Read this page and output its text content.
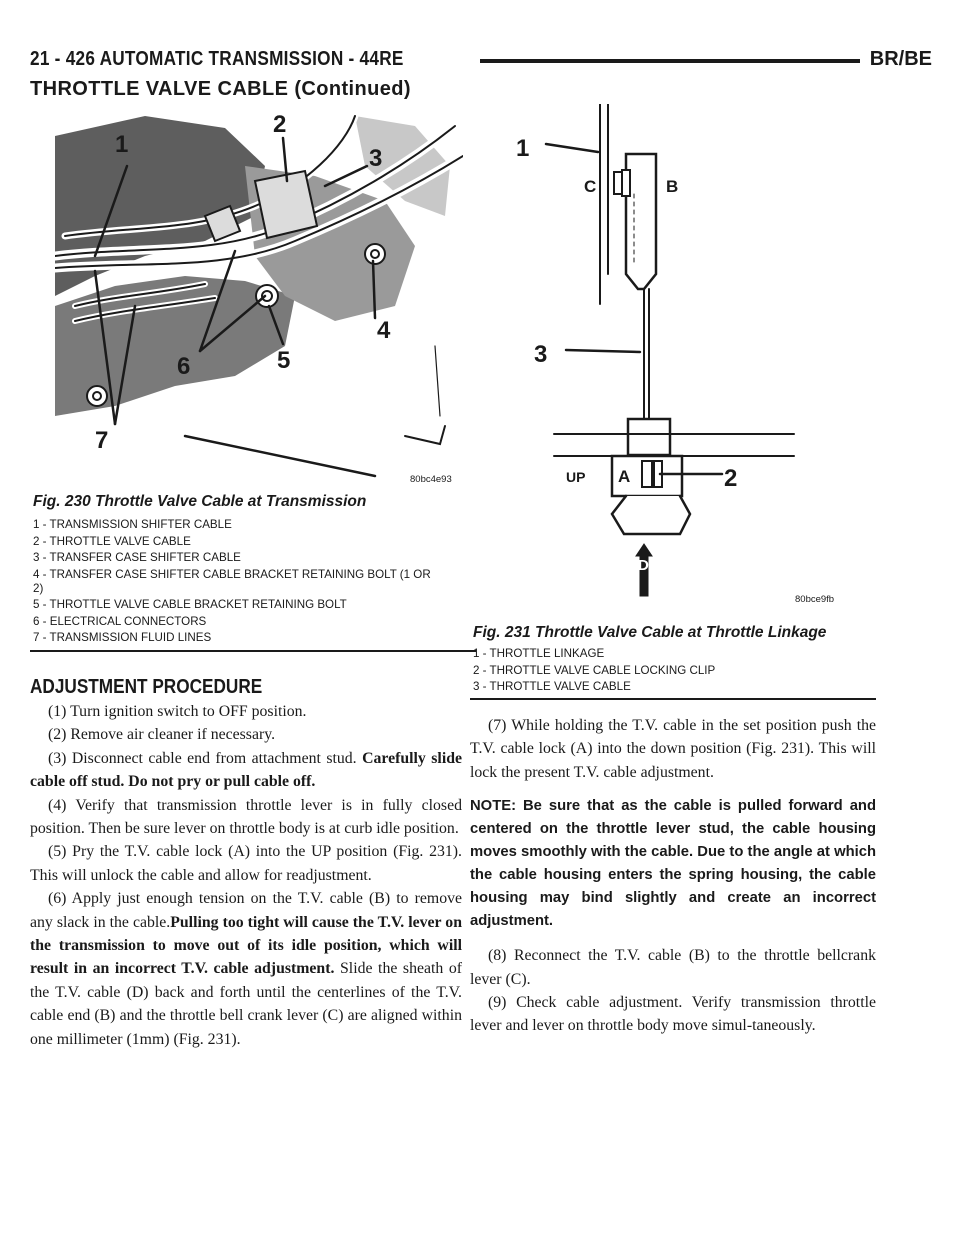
21 - 426 AUTOMATIC TRANSMISSION - 44RE	BR/BE
THROTTLE VALVE CABLE (Continued)
1
2
3
4
5
6
7
80bc4e93
Fig. 230 Throttle Valve Cable at Transmission
1 - TRANSMISSION SHIFTER CABLE
2 - THROTTLE VALVE CABLE
3 - TRANSFER CASE SHIFTER CABLE
4 - TRANSFER CASE SHIFTER CABLE BRACKET RETAINING BOLT (1 OR 2)
5 - THROTTLE VALVE CABLE BRACKET RETAINING BOLT
6 - ELECTRICAL CONNECTORS
7 - TRANSMISSION FLUID LINES
1
2
3
C	B
A
UP
D
80bce9fb
Fig. 231 Throttle Valve Cable at Throttle Linkage
1 - THROTTLE LINKAGE
2 - THROTTLE VALVE CABLE LOCKING CLIP
3 - THROTTLE VALVE CABLE
ADJUSTMENT PROCEDURE

(1) Turn ignition switch to OFF position.

(2) Remove air cleaner if necessary.

(3) Disconnect cable end from attachment stud. Carefully slide cable off stud. Do not pry or pull cable off.

(4) Verify that transmission throttle lever is in fully closed position. Then be sure lever on throttle body is at curb idle position.

(5) Pry the T.V. cable lock (A) into the UP position (Fig. 231). This will unlock the cable and allow for readjustment.

(6) Apply just enough tension on the T.V. cable (B) to remove any slack in the cable.Pulling too tight will cause the T.V. lever on the transmission to move out of its idle position, which will result in an incorrect T.V. cable adjustment. Slide the sheath of the T.V. cable (D) back and forth until the centerlines of the T.V. cable end (B) and the throttle bell crank lever (C) are aligned within one millimeter (1mm) (Fig. 231).

(7) While holding the T.V. cable in the set position push the T.V. cable lock (A) into the down position (Fig. 231). This will lock the present T.V. cable adjustment.

NOTE: Be sure that as the cable is pulled forward and centered on the throttle lever stud, the cable housing moves smoothly with the cable. Due to the angle at which the cable housing enters the spring housing, the cable housing may bind slightly and create an incorrect adjustment.

(8) Reconnect the T.V. cable (B) to the throttle bellcrank lever (C).

(9) Check cable adjustment. Verify transmission throttle lever and lever on throttle body move simul-taneously.
